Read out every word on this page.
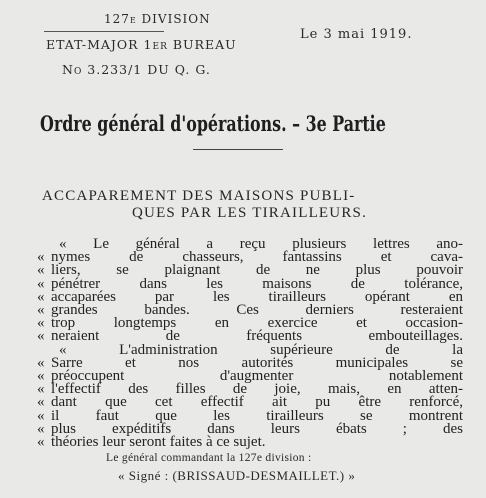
127e DIVISION
ETAT-MAJOR 1er BUREAU
No 3.233/1 DU Q. G.
Le 3 mai 1919.
Ordre général d'opérations. – 3e Partie
ACCAPAREMENT DES MAISONS PUBLI-
QUES PAR LES TIRAILLEURS.
« Le général a reçu plusieurs lettres ano-
« nymes de chasseurs, fantassins et cava-
« liers, se plaignant de ne plus pouvoir
« pénétrer dans les maisons de tolérance,
« accaparées par les tirailleurs opérant en
« grandes bandes. Ces derniers resteraient
« trop longtemps en exercice et occasion-
« neraient de fréquents embouteillages.
« L'administration supérieure de la
« Sarre et nos autorités municipales se
« préoccupent d'augmenter notablement
« l'effectif des filles de joie, mais, en atten-
« dant que cet effectif ait pu être renforcé,
« il faut que les tirailleurs se montrent
« plus expéditifs dans leurs ébats ; des
« théories leur seront faites à ce sujet.
Le général commandant la 127e division :
« Signé : (BRISSAUD-DESMAILLET.) »
